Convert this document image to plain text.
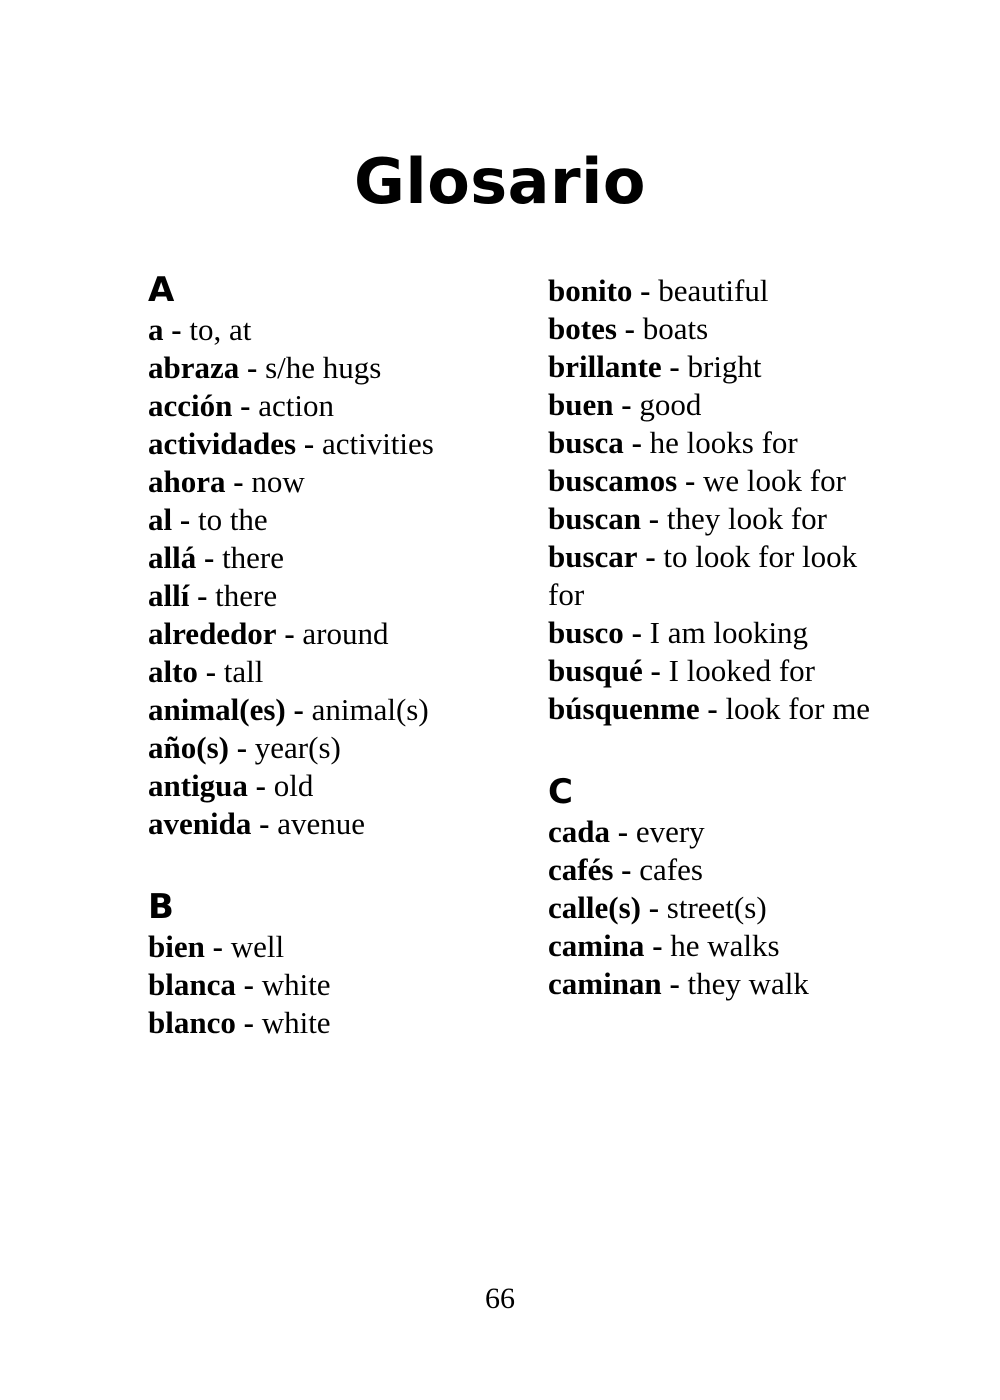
Glosario
A
a - to, at
abraza - s/he hugs
acción - action
actividades - activities
ahora - now
al - to the
allá - there
allí - there
alrededor - around
alto - tall
animal(es) - animal(s)
año(s) - year(s)
antigua - old
avenida - avenue
B
bien - well
blanca - white
blanco - white
bonito - beautiful
botes - boats
brillante - bright
buen - good
busca - he looks for
buscamos - we look for
buscan - they look for
buscar - to look for look for
busco - I am looking
busqué - I looked for
búsquenme - look for me
C
cada - every
cafés - cafes
calle(s) - street(s)
camina - he walks
caminan - they walk
66
